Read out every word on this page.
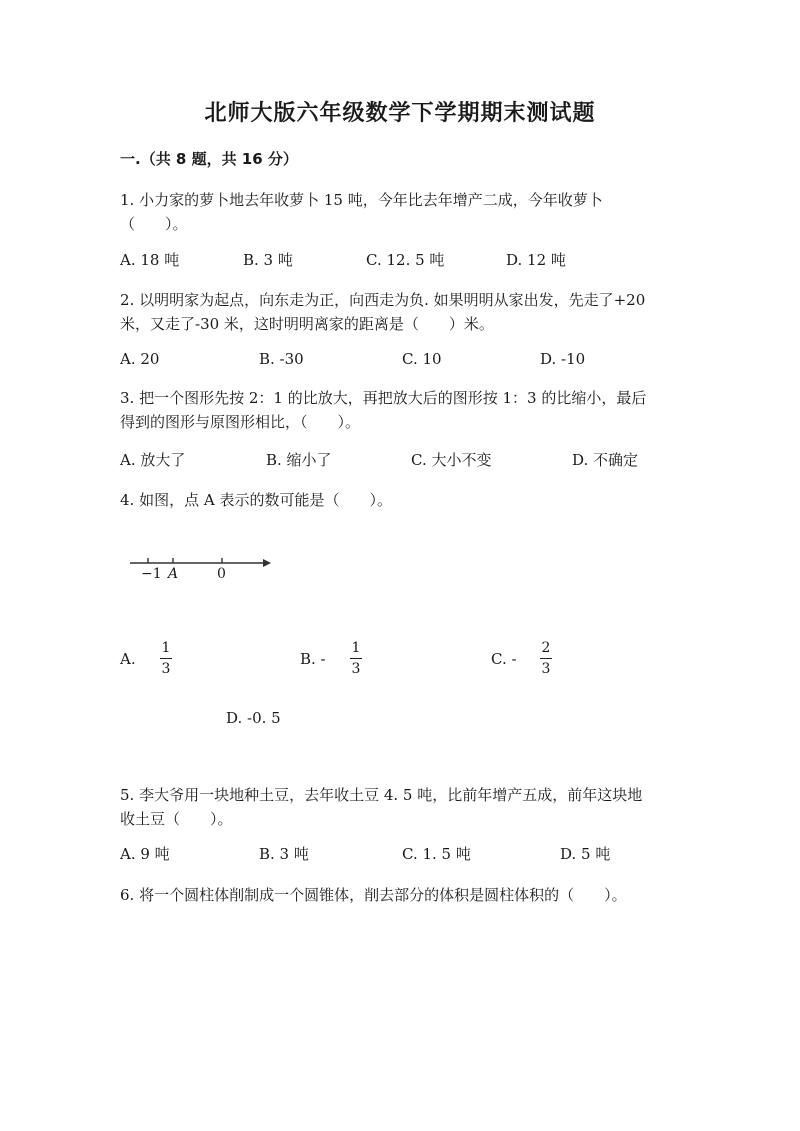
北师大版六年级数学下学期期末测试题
一.（共 8 题，共 16 分）
1. 小力家的萝卜地去年收萝卜 15 吨，今年比去年增产二成，今年收萝卜
（　　）。
A. 18 吨	B. 3 吨	C. 12. 5 吨	D. 12 吨
2. 以明明家为起点，向东走为正，向西走为负. 如果明明从家出发，先走了+20
米，又走了-30 米，这时明明离家的距离是（　　）米。
A. 20	B. -30	C. 10	D. -10
3. 把一个图形先按 2：1 的比放大，再把放大后的图形按 1：3 的比缩小，最后
得到的图形与原图形相比，（　　）。
A. 放大了	B. 缩小了	C. 大小不变	D. 不确定
4. 如图，点 A 表示的数可能是（　　）。
−1 A	0
A.
1
3
B. -
1
3
C. -
2
3
D. -0. 5
5. 李大爷用一块地种土豆，去年收土豆 4. 5 吨，比前年增产五成，前年这块地
收土豆（　　）。
A. 9 吨	B. 3 吨	C. 1. 5 吨	D. 5 吨
6. 将一个圆柱体削制成一个圆锥体，削去部分的体积是圆柱体积的（　　）。
